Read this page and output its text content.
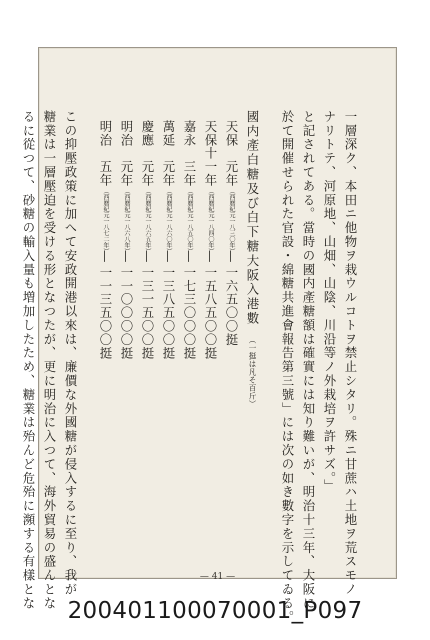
一層深ク、本田ニ他物ヲ栽ウルコトヲ禁止シタリ。殊ニ甘蔗ハ土地ヲ荒スモノ
ナリトテ、河原地、山畑、山陰、川沿等ノ外栽培ヲ許サズ。」
と記されてある。當時の國内產糖額は確實には知り難いが、明治十三年、大阪に
於て開催せられた官設・綿糖共進會報告第三號」には次の如き數字を示してゐる。
國内產白糖及び白下糖大阪入港數 （一挺は凡そ百斤）
天保　元年（西曆紀元一八三〇年）—一六五〇〇挺
天保十一年（西曆紀元一八四〇年）—一五八五〇〇挺
嘉永　三年（西曆紀元一八五〇年）—一七三〇〇〇挺
萬延　元年（西曆紀元一八六〇年）—一三八五〇〇挺
慶應　元年（西曆紀元一八六五年）—一三一五〇〇挺
明治　元年（西曆紀元一八六八年）—一一〇〇〇〇挺
明治　五年（西曆紀元一八七二年）—一一三五〇〇挺
この抑壓政策に加へて安政開港以來は、廉價な外國糖が侵入するに至り、我が
糖業は一層壓迫を受ける形となつたが、更に明治に入つて、海外貿易の盛んとな
るに從つて、砂糖の輸入量も増加したため、糖業は殆んど危殆に瀕する有樣とな	— 41 —
200401100070001_P097
